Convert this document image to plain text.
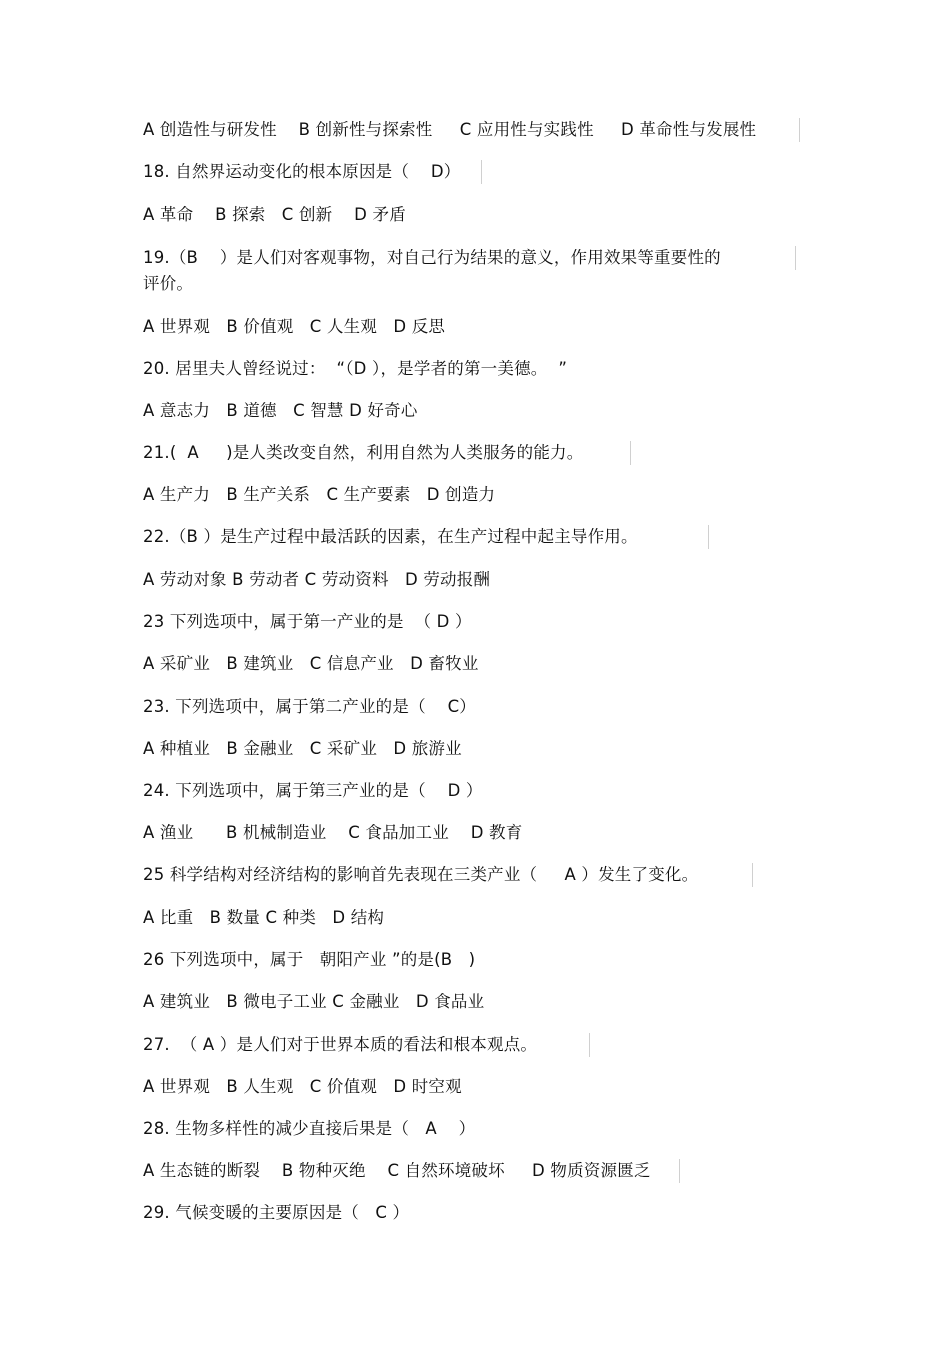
A 创造性与研发性    B 创新性与探索性     C 应用性与实践性     D 革命性与发展性
18. 自然界运动变化的根本原因是（    D）
A 革命    B 探索   C 创新    D 矛盾
19.（B    ）是人们对客观事物，对自己行为结果的意义，作用效果等重要性的
评价。
A 世界观   B 价值观   C 人生观   D 反思
20. 居里夫人曾经说过：  “（D ），是学者的第一美德。  ”
A 意志力   B 道德   C 智慧 D 好奇心
21.(  A     )是人类改变自然，利用自然为人类服务的能力。
A 生产力   B 生产关系   C 生产要素   D 创造力
22.（B ）是生产过程中最活跃的因素，在生产过程中起主导作用。
A 劳动对象 B 劳动者 C 劳动资料   D 劳动报酬
23 下列选项中，属于第一产业的是  （ D ）
A 采矿业   B 建筑业   C 信息产业   D 畜牧业
23. 下列选项中，属于第二产业的是（    C）
A 种植业   B 金融业   C 采矿业   D 旅游业
24. 下列选项中，属于第三产业的是（    D ）
A 渔业      B 机械制造业    C 食品加工业    D 教育
25 科学结构对经济结构的影响首先表现在三类产业（     A ）发生了变化。
A 比重   B 数量 C 种类   D 结构
26 下列选项中，属于   朝阳产业 ”的是(B   )
A 建筑业   B 微电子工业 C 金融业   D 食品业
27.  （ A ）是人们对于世界本质的看法和根本观点。
A 世界观   B 人生观   C 价值观   D 时空观
28. 生物多样性的减少直接后果是（   A    ）
A 生态链的断裂    B 物种灭绝    C 自然环境破坏     D 物质资源匮乏
29. 气候变暖的主要原因是（   C ）
